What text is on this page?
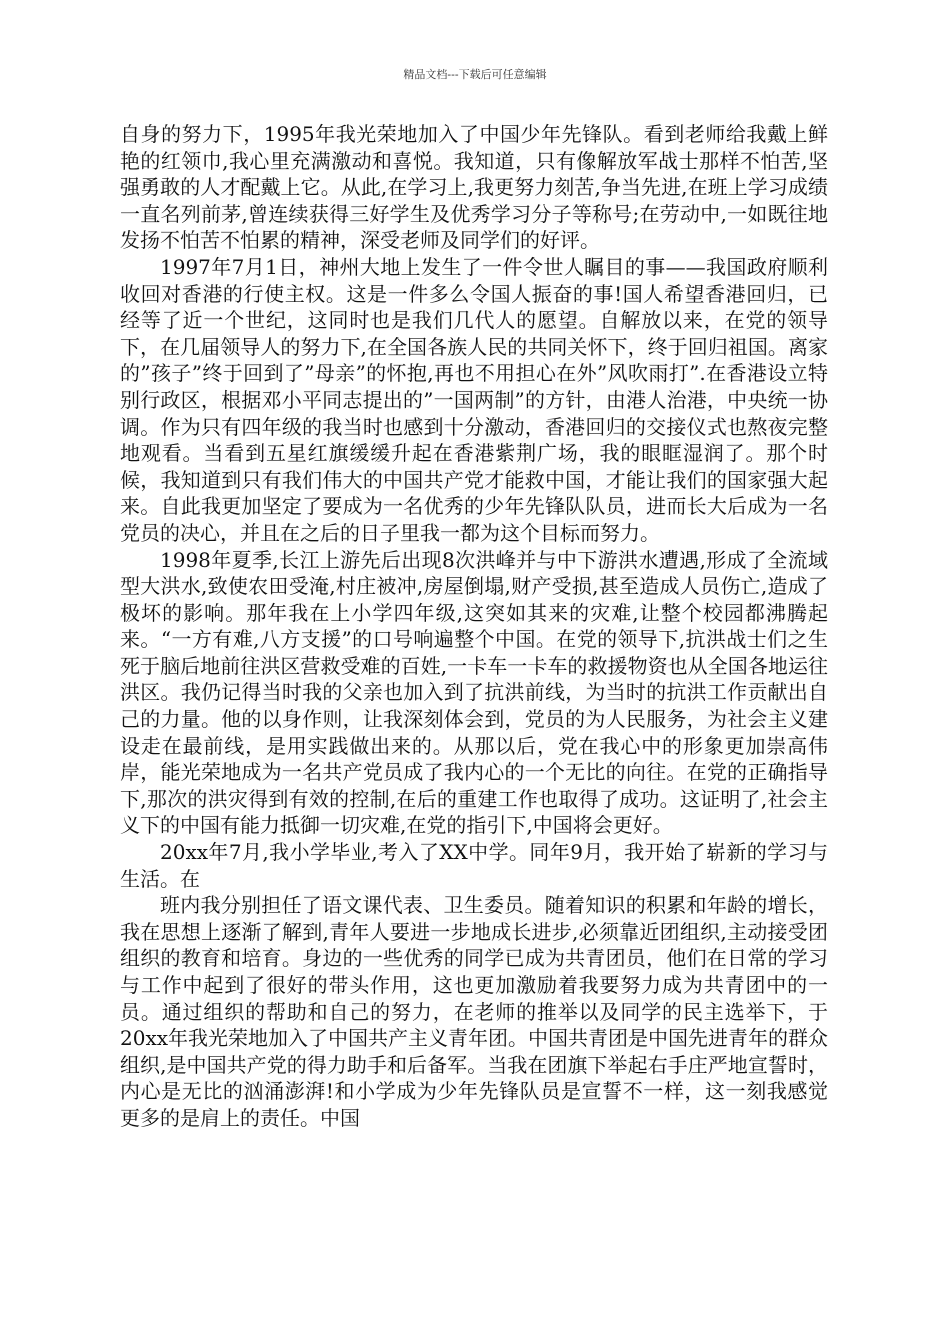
精品文档---下载后可任意编辑

自身的努力下，1995年我光荣地加入了中国少年先锋队。看到老师给我戴上鲜艳的红领巾,我心里充满激动和喜悦。我知道，只有像解放军战士那样不怕苦,坚强勇敢的人才配戴上它。从此,在学习上,我更努力刻苦,争当先进,在班上学习成绩一直名列前茅,曾连续获得三好学生及优秀学习分子等称号;在劳动中,一如既往地发扬不怕苦不怕累的精神，深受老师及同学们的好评。

1997年7月1日，神州大地上发生了一件令世人瞩目的事——我国政府顺利收回对香港的行使主权。这是一件多么令国人振奋的事!国人希望香港回归，已经等了近一个世纪，这同时也是我们几代人的愿望。自解放以来，在党的领导下，在几届领导人的努力下,在全国各族人民的共同关怀下，终于回归祖国。离家的”孩子”终于回到了”母亲”的怀抱,再也不用担心在外”风吹雨打”.在香港设立特别行政区，根据邓小平同志提出的”一国两制”的方针，由港人治港，中央统一协调。作为只有四年级的我当时也感到十分激动，香港回归的交接仪式也熬夜完整地观看。当看到五星红旗缓缓升起在香港紫荆广场，我的眼眶湿润了。那个时候，我知道到只有我们伟大的中国共产党才能救中国，才能让我们的国家强大起来。自此我更加坚定了要成为一名优秀的少年先锋队队员，进而长大后成为一名党员的决心，并且在之后的日子里我一都为这个目标而努力。

1998年夏季,长江上游先后出现8次洪峰并与中下游洪水遭遇,形成了全流域型大洪水,致使农田受淹,村庄被冲,房屋倒塌,财产受损,甚至造成人员伤亡,造成了极坏的影响。那年我在上小学四年级,这突如其来的灾难,让整个校园都沸腾起来。“一方有难,八方支援”的口号响遍整个中国。在党的领导下,抗洪战士们之生死于脑后地前往洪区营救受难的百姓,一卡车一卡车的救援物资也从全国各地运往洪区。我仍记得当时我的父亲也加入到了抗洪前线，为当时的抗洪工作贡献出自己的力量。他的以身作则，让我深刻体会到，党员的为人民服务，为社会主义建设走在最前线，是用实践做出来的。从那以后，党在我心中的形象更加崇高伟岸，能光荣地成为一名共产党员成了我内心的一个无比的向往。在党的正确指导下,那次的洪灾得到有效的控制,在后的重建工作也取得了成功。这证明了,社会主义下的中国有能力抵御一切灾难,在党的指引下,中国将会更好。

20xx年7月,我小学毕业,考入了XX中学。同年9月，我开始了崭新的学习与生活。在

班内我分别担任了语文课代表、卫生委员。随着知识的积累和年龄的增长，我在思想上逐渐了解到,青年人要进一步地成长进步,必须靠近团组织,主动接受团组织的教育和培育。身边的一些优秀的同学已成为共青团员，他们在日常的学习与工作中起到了很好的带头作用，这也更加激励着我要努力成为共青团中的一员。通过组织的帮助和自己的努力，在老师的推举以及同学的民主选举下，于20xx年我光荣地加入了中国共产主义青年团。中国共青团是中国先进青年的群众组织,是中国共产党的得力助手和后备军。当我在团旗下举起右手庄严地宣誓时，内心是无比的汹涌澎湃!和小学成为少年先锋队员是宣誓不一样，这一刻我感觉更多的是肩上的责任。中国
